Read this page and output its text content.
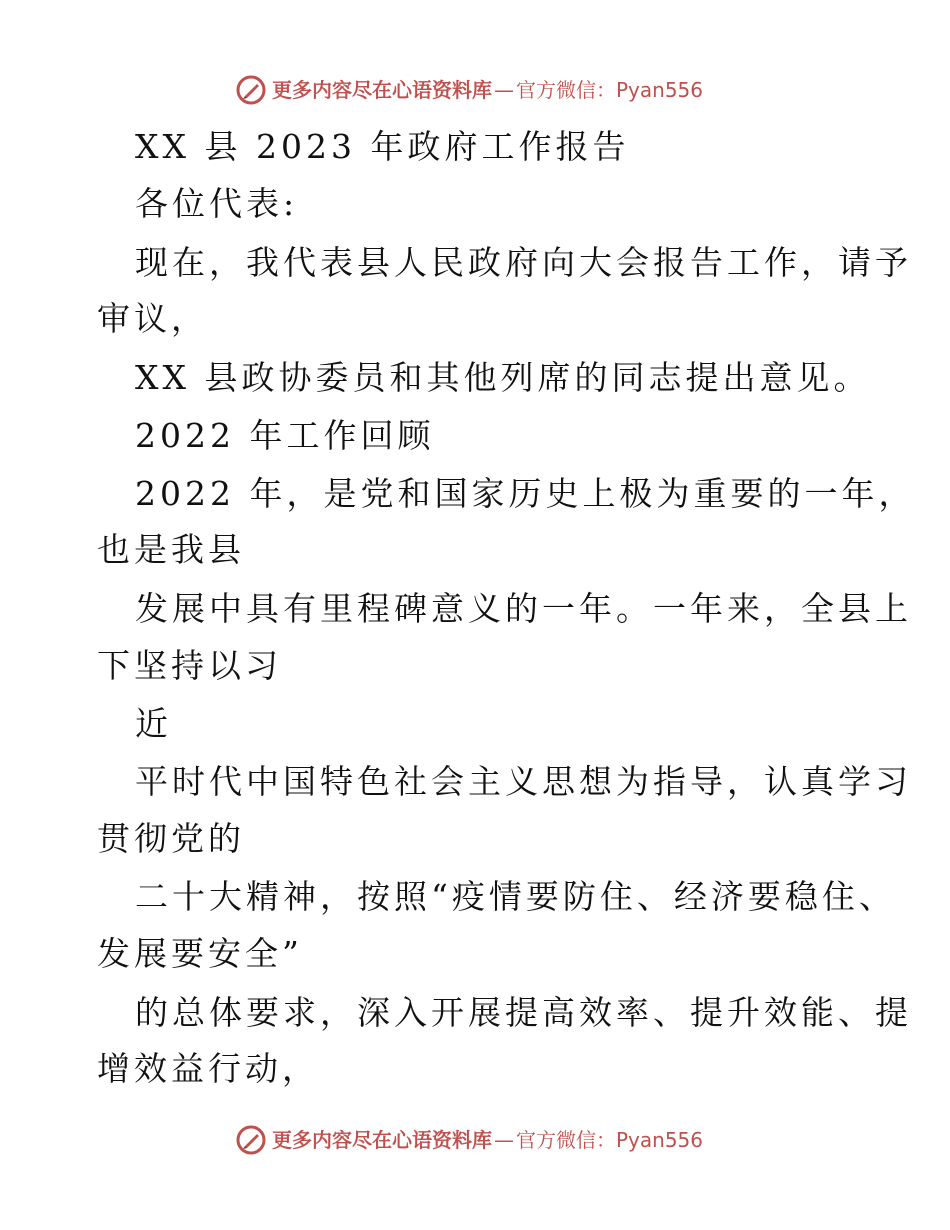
更多内容尽在心语资料库 — 官方微信：Pyan556
XX 县 2023 年政府工作报告
各位代表:
现在，我代表县人民政府向大会报告工作，请予
审议，
XX 县政协委员和其他列席的同志提出意见。
2022 年工作回顾
2022 年，是党和国家历史上极为重要的一年，
也是我县
发展中具有里程碑意义的一年。一年来，全县上
下坚持以习
近
平时代中国特色社会主义思想为指导，认真学习
贯彻党的
二十大精神，按照“疫情要防住、经济要稳住、
发展要安全”
的总体要求，深入开展提高效率、提升效能、提
增效益行动，
更多内容尽在心语资料库 — 官方微信：Pyan556
